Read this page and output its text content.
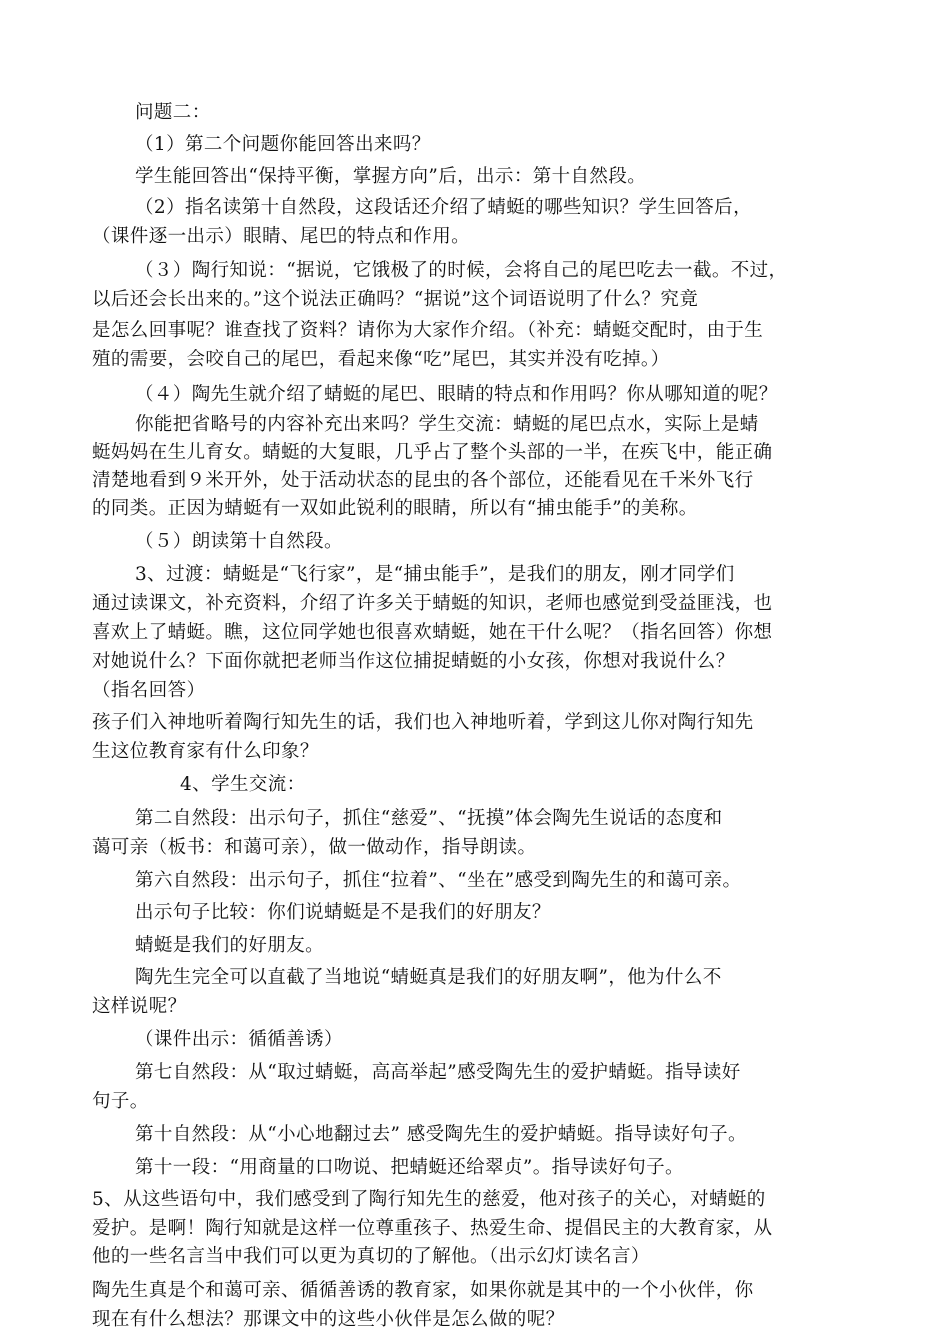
问题二：
（1）第二个问题你能回答出来吗？
学生能回答出“保持平衡，掌握方向”后，出示：第十自然段。
（2）指名读第十自然段，这段话还介绍了蜻蜓的哪些知识？学生回答后，
（课件逐一出示）眼睛、尾巴的特点和作用。
（３）陶行知说：“据说，它饿极了的时候，会将自己的尾巴吃去一截。不过，
以后还会长出来的。”这个说法正确吗？“据说”这个词语说明了什么？究竟
是怎么回事呢？谁查找了资料？请你为大家作介绍。（补充：蜻蜓交配时，由于生
殖的需要，会咬自己的尾巴，看起来像“吃”尾巴，其实并没有吃掉。）
（４）陶先生就介绍了蜻蜓的尾巴、眼睛的特点和作用吗？你从哪知道的呢？
你能把省略号的内容补充出来吗？学生交流：蜻蜓的尾巴点水，实际上是蜻
蜓妈妈在生儿育女。蜻蜓的大复眼，几乎占了整个头部的一半，在疾飞中，能正确
清楚地看到９米开外，处于活动状态的昆虫的各个部位，还能看见在千米外飞行
的同类。正因为蜻蜓有一双如此锐利的眼睛，所以有“捕虫能手”的美称。
（５）朗读第十自然段。
3、过渡：蜻蜓是“飞行家”，是“捕虫能手”，是我们的朋友，刚才同学们
通过读课文，补充资料，介绍了许多关于蜻蜓的知识，老师也感觉到受益匪浅，也
喜欢上了蜻蜓。瞧，这位同学她也很喜欢蜻蜓，她在干什么呢？（指名回答）你想
对她说什么？下面你就把老师当作这位捕捉蜻蜓的小女孩，你想对我说什么？
（指名回答）
孩子们入神地听着陶行知先生的话，我们也入神地听着，学到这儿你对陶行知先
生这位教育家有什么印象？
4、学生交流：
第二自然段：出示句子，抓住“慈爱”、“抚摸”体会陶先生说话的态度和
蔼可亲（板书：和蔼可亲），做一做动作，指导朗读。
第六自然段：出示句子，抓住“拉着”、“坐在”感受到陶先生的和蔼可亲。
出示句子比较：你们说蜻蜓是不是我们的好朋友？
蜻蜓是我们的好朋友。
陶先生完全可以直截了当地说“蜻蜓真是我们的好朋友啊”，他为什么不
这样说呢？
（课件出示：循循善诱）
第七自然段：从“取过蜻蜓，高高举起”感受陶先生的爱护蜻蜓。指导读好
句子。
第十自然段：从“小心地翻过去” 感受陶先生的爱护蜻蜓。指导读好句子。
第十一段：“用商量的口吻说、把蜻蜓还给翠贞”。指导读好句子。
5、从这些语句中，我们感受到了陶行知先生的慈爱，他对孩子的关心，对蜻蜓的
爱护。是啊！陶行知就是这样一位尊重孩子、热爱生命、提倡民主的大教育家，从
他的一些名言当中我们可以更为真切的了解他。（出示幻灯读名言）
陶先生真是个和蔼可亲、循循善诱的教育家，如果你就是其中的一个小伙伴，你
现在有什么想法？那课文中的这些小伙伴是怎么做的呢？
